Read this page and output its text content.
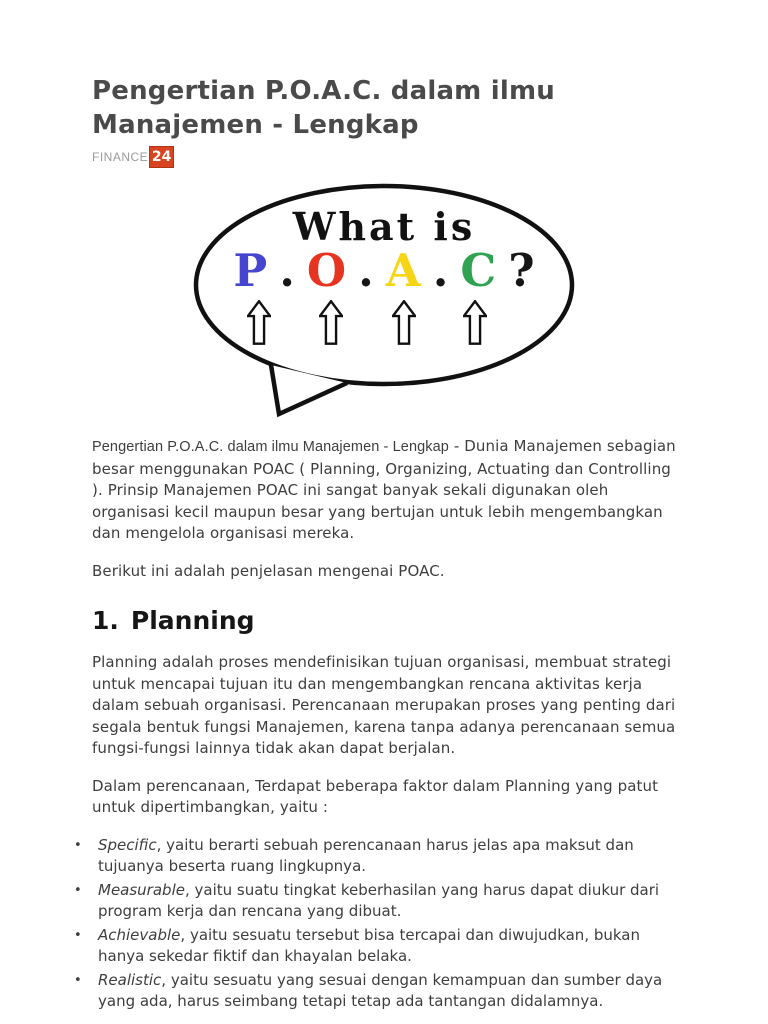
Pengertian P.O.A.C. dalam ilmu Manajemen - Lengkap
FINANCE 24
What is
P . O . A . C ?

Pengertian P.O.A.C. dalam ilmu Manajemen - Lengkap - Dunia Manajemen sebagian besar menggunakan POAC ( Planning, Organizing, Actuating dan Controlling ). Prinsip Manajemen POAC ini sangat banyak sekali digunakan oleh organisasi kecil maupun besar yang bertujan untuk lebih mengembangkan dan mengelola organisasi mereka.

Berikut ini adalah penjelasan mengenai POAC.

1. Planning

Planning adalah proses mendefinisikan tujuan organisasi, membuat strategi untuk mencapai tujuan itu dan mengembangkan rencana aktivitas kerja dalam sebuah organisasi. Perencanaan merupakan proses yang penting dari segala bentuk fungsi Manajemen, karena tanpa adanya perencanaan semua fungsi-fungsi lainnya tidak akan dapat berjalan.

Dalam perencanaan, Terdapat beberapa faktor dalam Planning yang patut untuk dipertimbangkan, yaitu :

•	Specific, yaitu berarti sebuah perencanaan harus jelas apa maksut dan tujuanya beserta ruang lingkupnya.
•	Measurable, yaitu suatu tingkat keberhasilan yang harus dapat diukur dari program kerja dan rencana yang dibuat.
•	Achievable, yaitu sesuatu tersebut bisa tercapai dan diwujudkan, bukan hanya sekedar fiktif dan khayalan belaka.
•	Realistic, yaitu sesuatu yang sesuai dengan kemampuan dan sumber daya yang ada, harus seimbang tetapi tetap ada tantangan didalamnya.
